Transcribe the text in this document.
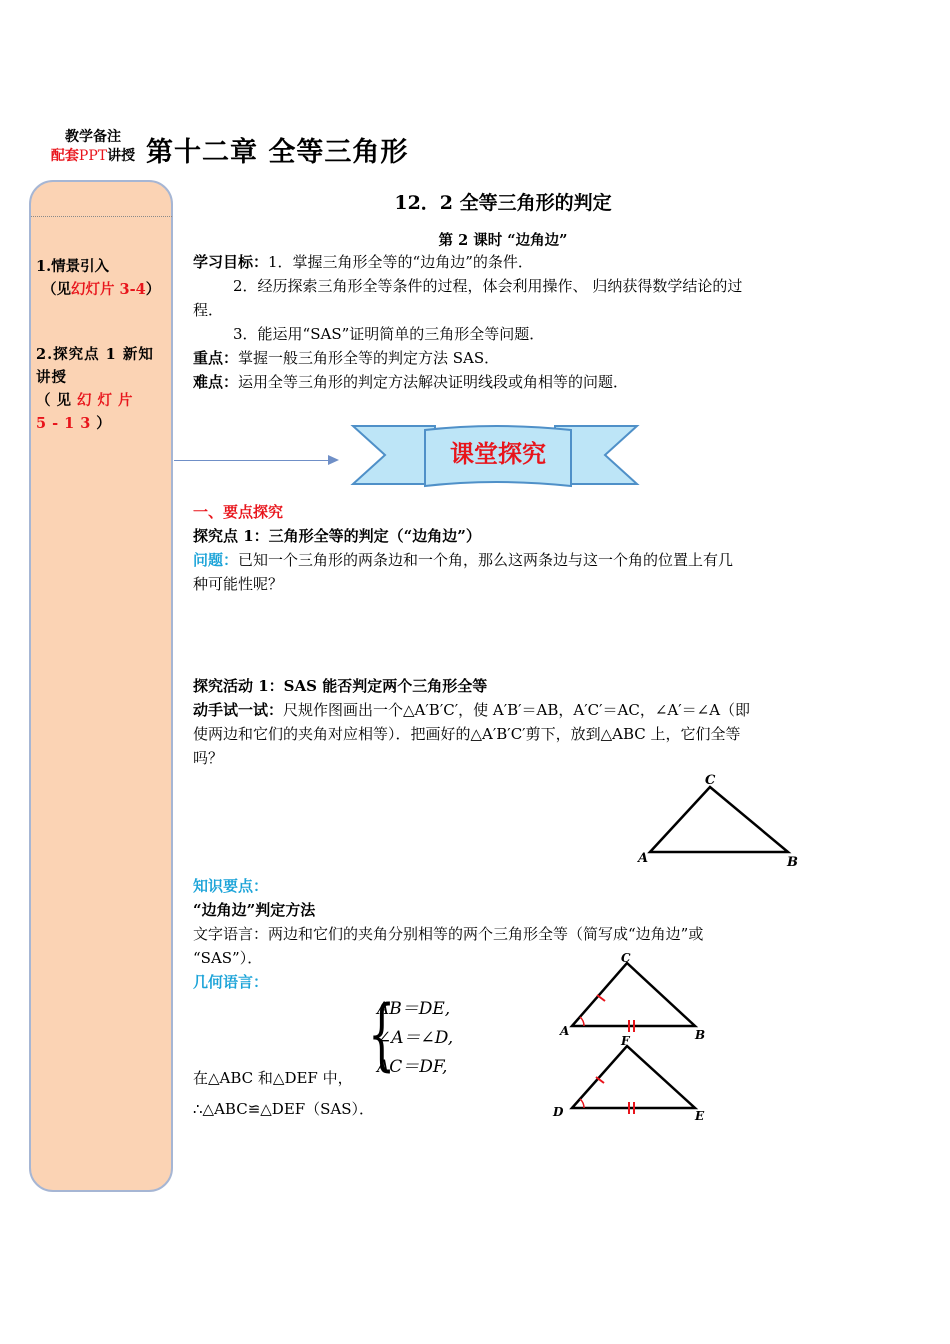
教学备注
配套PPT讲授 第十二章 全等三角形
1.情景引入
（见幻灯片 3-4）
2.探究点 1 新知讲授
（见幻灯片 5-13）
12．2 全等三角形的判定
第 2 课时 “边角边”
学习目标：1．掌握三角形全等的“边角边”的条件．
2．经历探索三角形全等条件的过程，体会利用操作、 归纳获得数学结论的过
程．
3．能运用“SAS”证明简单的三角形全等问题．
重点：掌握一般三角形全等的判定方法 SAS．
难点：运用全等三角形的判定方法解决证明线段或角相等的问题．
课堂探究
一、要点探究
探究点 1：三角形全等的判定（“边角边”）
问题：已知一个三角形的两条边和一个角，那么这两条边与这一个角的位置上有几
种可能性呢？
探究活动 1：SAS 能否判定两个三角形全等
动手试一试：尺规作图画出一个△A′B′C′，使 A′B′＝AB，A′C′＝AC，∠A′＝∠A（即
使两边和它们的夹角对应相等）．把画好的△A′B′C′剪下，放到△ABC 上，它们全等
吗？
A	B
C
知识要点：
“边角边”判定方法
文字语言：两边和它们的夹角分别相等的两个三角形全等（简写成“边角边”或
“SAS”）．
几何语言：
{
AB＝DE,
∠A＝∠D,
AC＝DF,
在△ABC 和△DEF 中，
∴△ABC≌△DEF（SAS）．
A	B
C
D	E
F
